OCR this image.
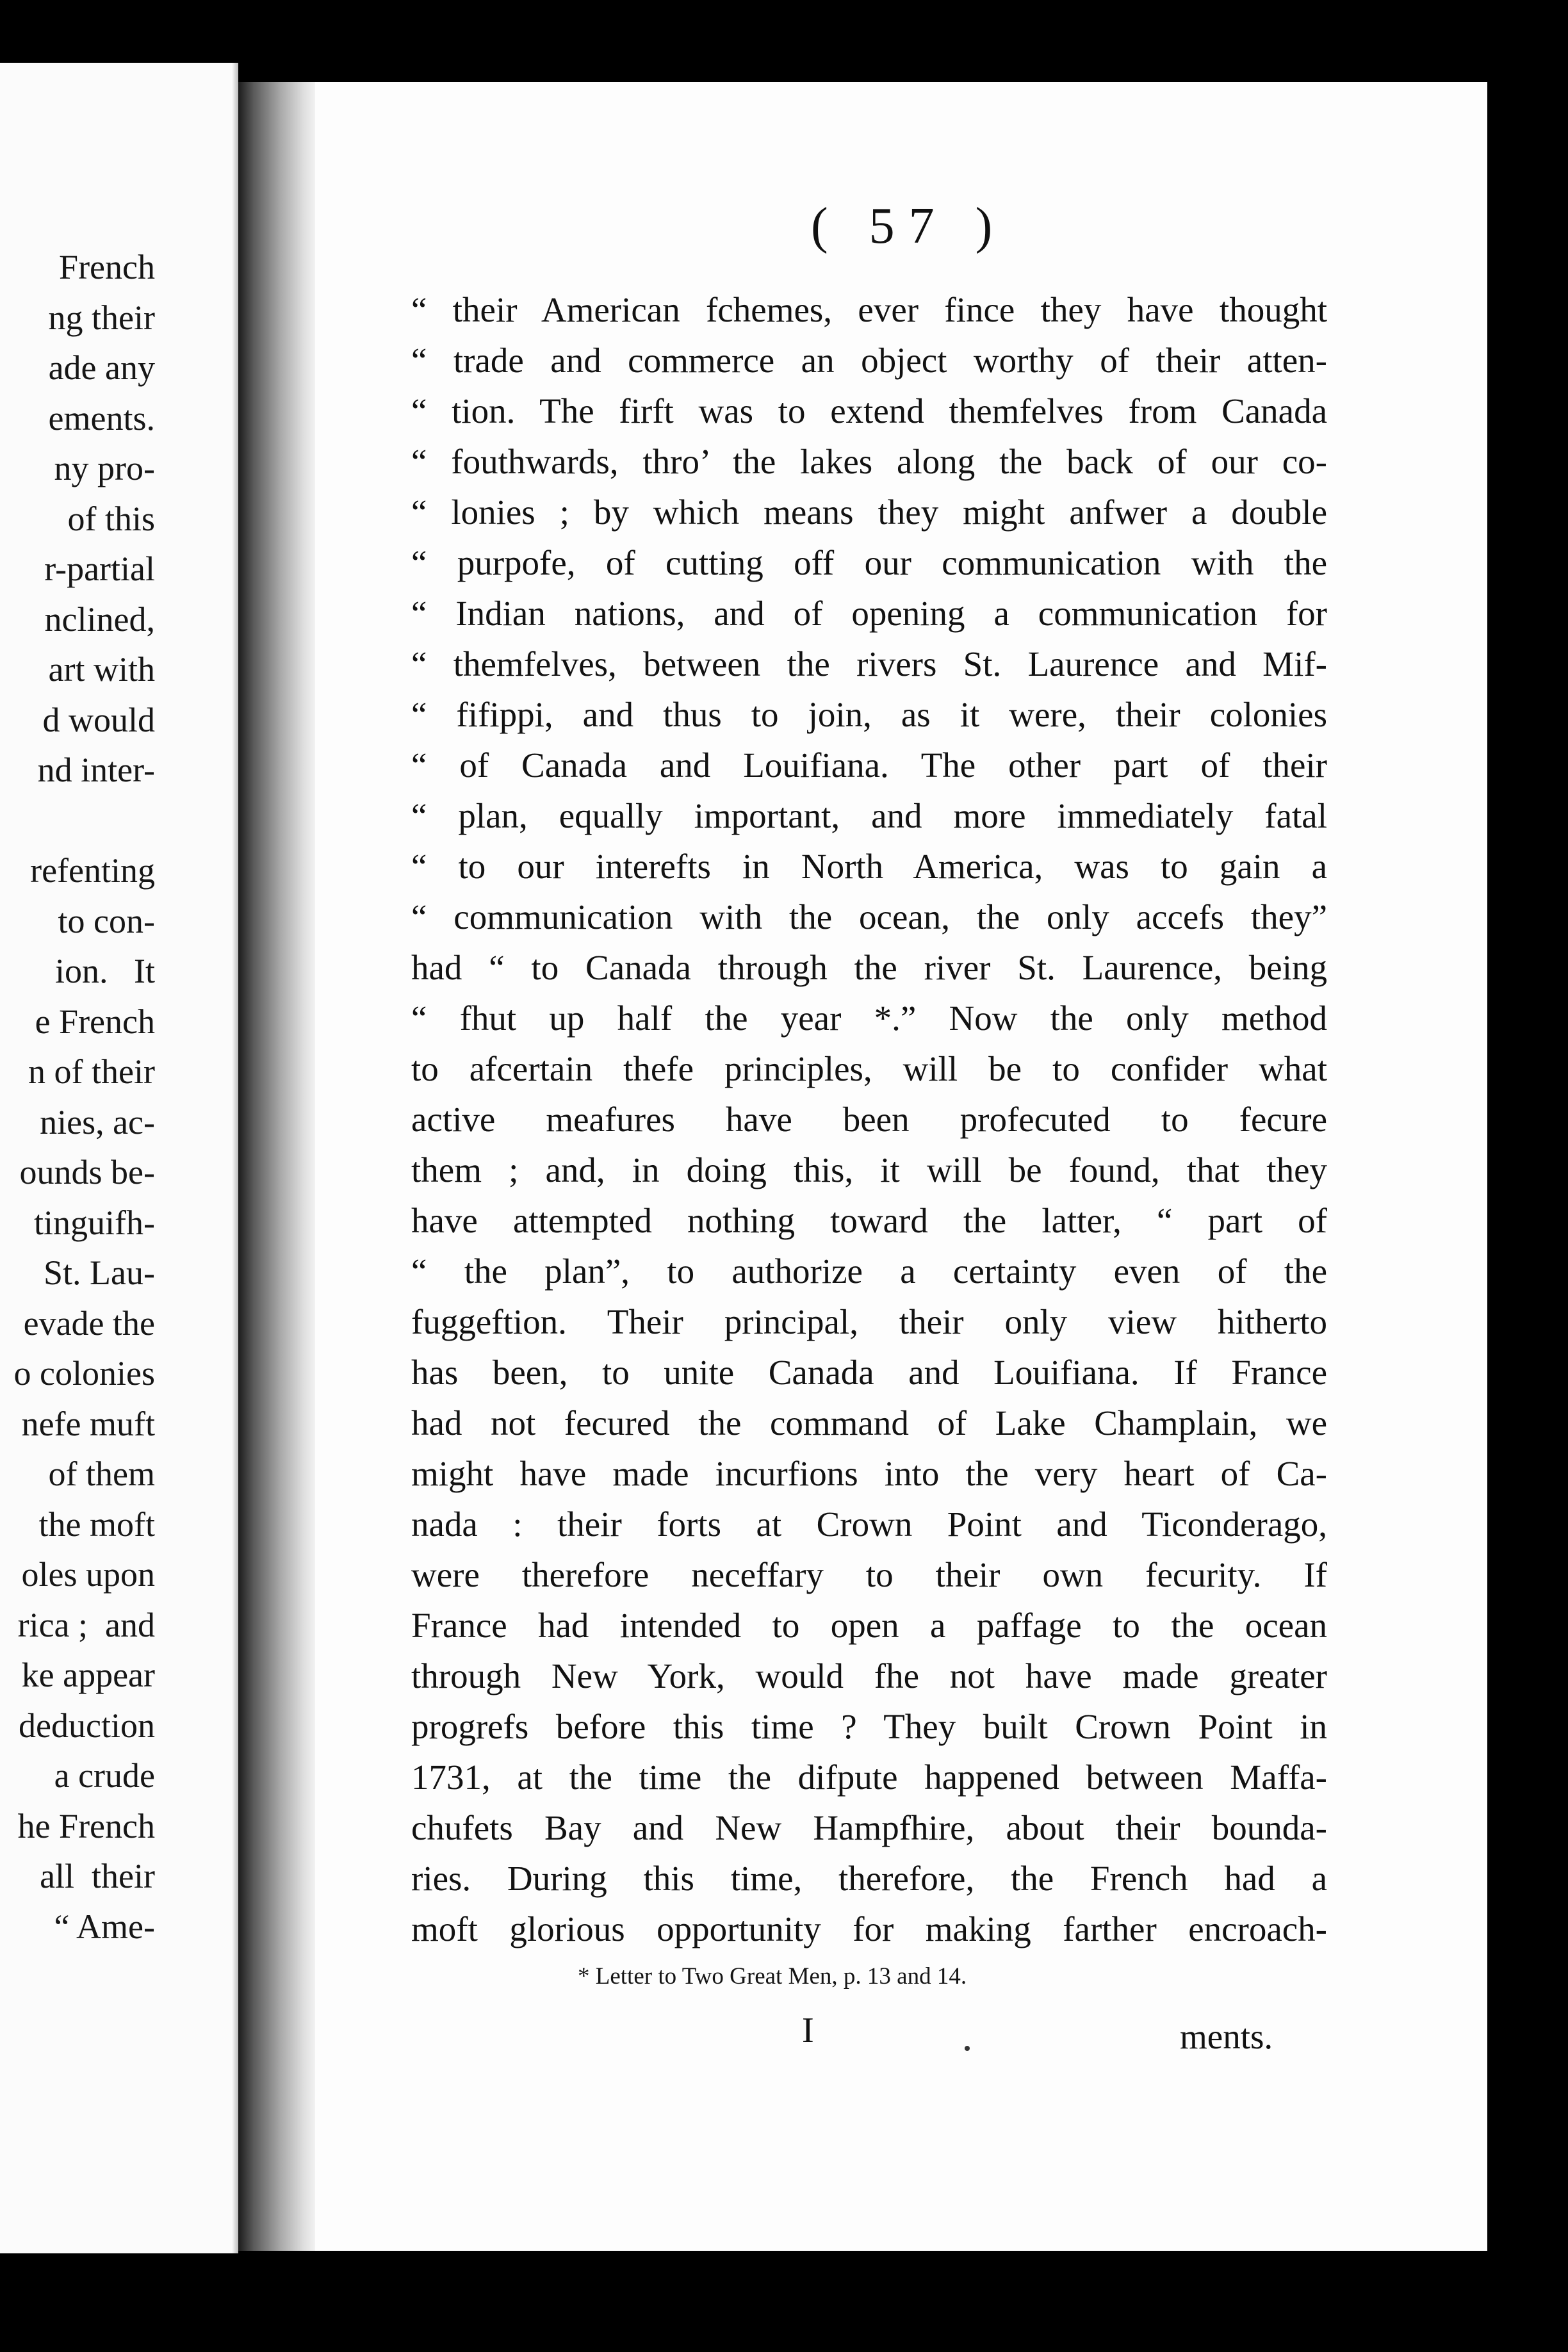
French
ng their
ade any
ements.
ny pro-
of this
r-partial
nclined,
art with
d would
nd inter-

refenting
to con-
ion.   It
e French
n of their
nies, ac-
ounds be-
tinguifh-
St. Lau-
evade the
o colonies
nefe muft
of them
the moft
oles upon
rica ;  and
ke appear
deduction
a crude
he French
all  their
“ Ame-
( 57 )
“ their American fchemes, ever fince they have thought
“ trade and commerce an object worthy of their atten-
“ tion. The firft was to extend themfelves from Canada
“ fouthwards, thro’ the lakes along the back of our co-
“ lonies ; by which means they might anfwer a double
“ purpofe, of cutting off our communication with the
“ Indian nations, and of opening a communication for
“ themfelves, between the rivers St. Laurence and Mif-
“ fifippi, and thus to join, as it were, their colonies
“ of Canada and Louifiana. The other part of their
“ plan, equally important, and more immediately fatal
“ to our interefts in North America, was to gain a
“ communication with the ocean, the only accefs they”
had “ to Canada through the river St. Laurence, being
“ fhut up half the year *.” Now the only method
to afcertain thefe principles, will be to confider what
active meafures have been profecuted to fecure
them ; and, in doing this, it will be found, that they
have attempted nothing toward the latter, “ part of
“ the plan”, to authorize a certainty even of the
fuggeftion. Their principal, their only view hitherto
has been, to unite Canada and Louifiana. If France
had not fecured the command of Lake Champlain, we
might have made incurfions into the very heart of Ca-
nada : their forts at Crown Point and Ticonderago,
were therefore neceffary to their own fecurity. If
France had intended to open a paffage to the ocean
through New York, would fhe not have made greater
progrefs before this time ? They built Crown Point in
1731, at the time the difpute happened between Maffa-
chufets Bay and New Hampfhire, about their bounda-
ries. During this time, therefore, the French had a
moft glorious opportunity for making farther encroach-
* Letter to Two Great Men, p. 13 and 14.
I	ments.
